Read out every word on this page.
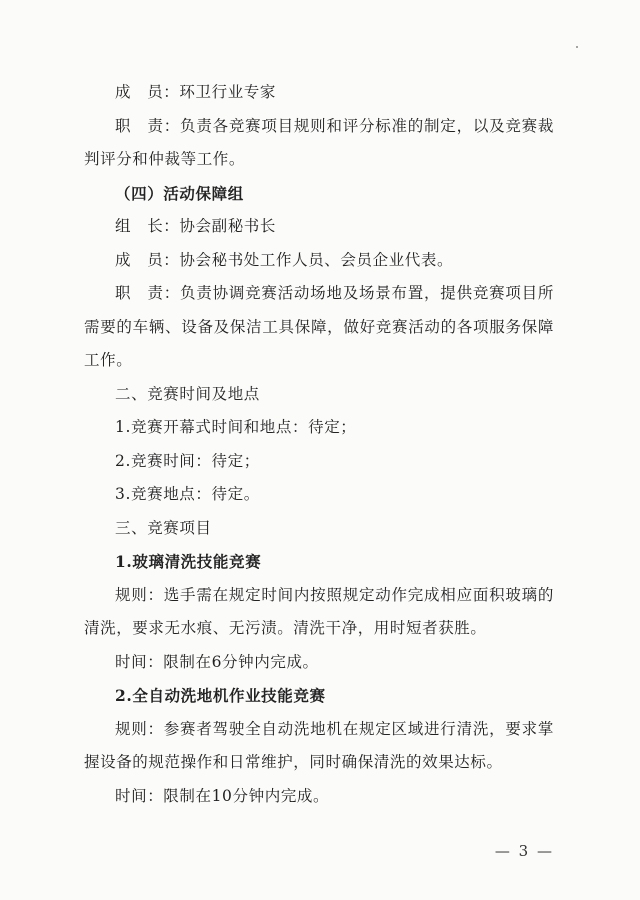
成　员：环卫行业专家

职　责：负责各竞赛项目规则和评分标准的制定，以及竞赛裁判评分和仲裁等工作。

（四）活动保障组

组　长：协会副秘书长

成　员：协会秘书处工作人员、会员企业代表。

职　责：负责协调竞赛活动场地及场景布置，提供竞赛项目所需要的车辆、设备及保洁工具保障，做好竞赛活动的各项服务保障工作。

二、竞赛时间及地点

1.竞赛开幕式时间和地点：待定；

2.竞赛时间：待定；

3.竞赛地点：待定。

三、竞赛项目

1.玻璃清洗技能竞赛

规则：选手需在规定时间内按照规定动作完成相应面积玻璃的清洗，要求无水痕、无污渍。清洗干净，用时短者获胜。

时间：限制在6分钟内完成。

2.全自动洗地机作业技能竞赛

规则：参赛者驾驶全自动洗地机在规定区域进行清洗，要求掌握设备的规范操作和日常维护，同时确保清洗的效果达标。

时间：限制在10分钟内完成。

— 3 —
